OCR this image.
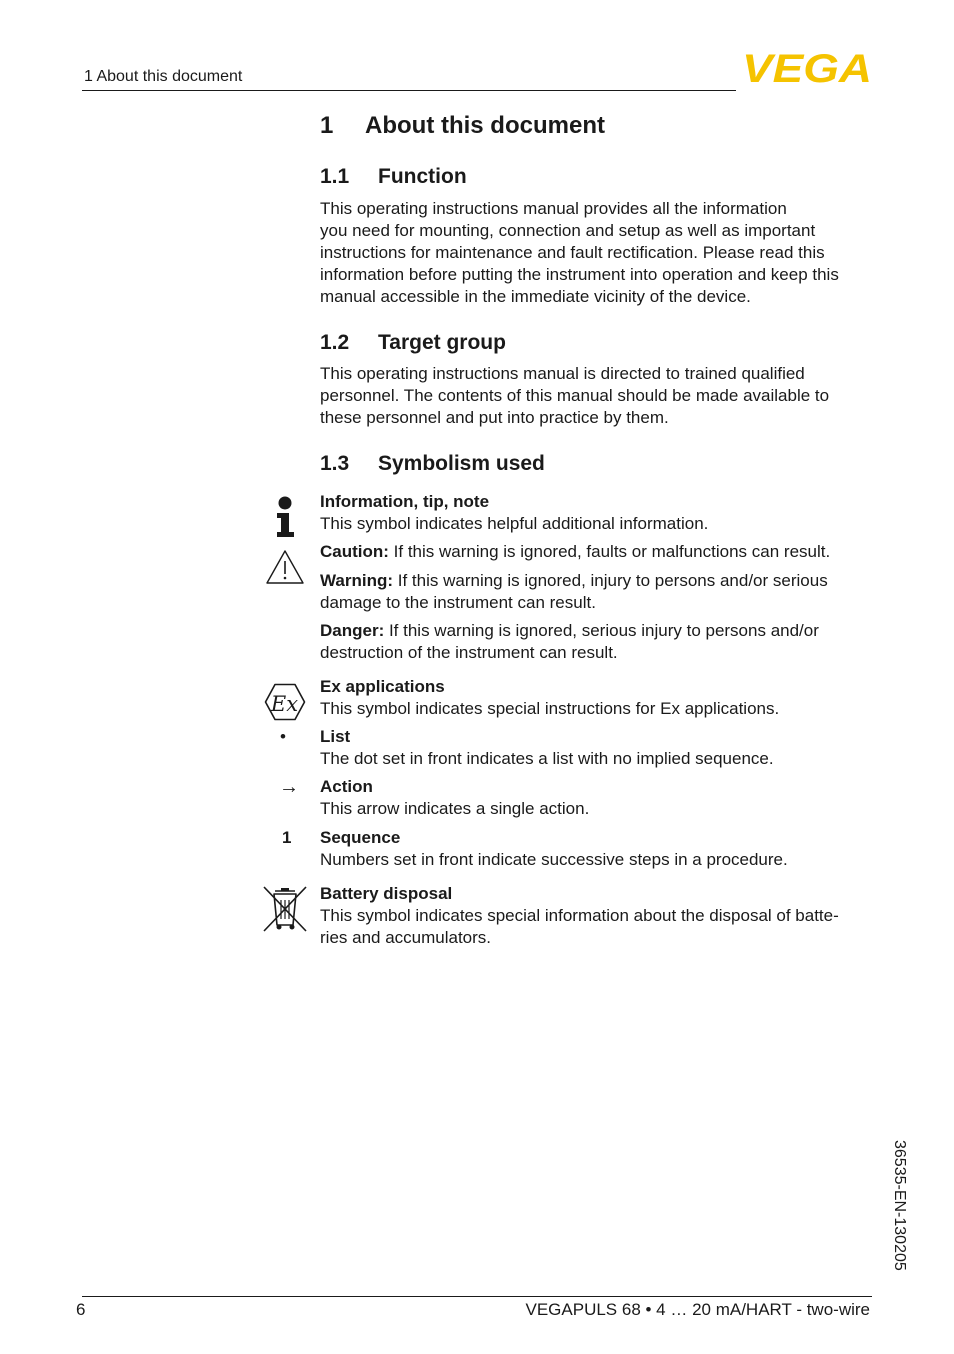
1 About this document	VEGA
1 About this document
1.1 Function
This operating instructions manual provides all the information
you need for mounting, connection and setup as well as important
instructions for maintenance and fault rectification. Please read this
information before putting the instrument into operation and keep this
manual accessible in the immediate vicinity of the device.
1.2 Target group
This operating instructions manual is directed to trained qualified
personnel. The contents of this manual should be made available to
these personnel and put into practice by them.
1.3 Symbolism used
Information, tip, note
This symbol indicates helpful additional information.
Caution: If this warning is ignored, faults or malfunctions can result.
Warning: If this warning is ignored, injury to persons and/or serious
damage to the instrument can result.
Danger: If this warning is ignored, serious injury to persons and/or
destruction of the instrument can result.
Ex
Ex applications
This symbol indicates special instructions for Ex applications.
• List
The dot set in front indicates a list with no implied sequence.
→ Action
This arrow indicates a single action.
1 Sequence
Numbers set in front indicate successive steps in a procedure.
Battery disposal
This symbol indicates special information about the disposal of batte-
ries and accumulators.
36535-EN-130205
6	VEGAPULS 68 • 4 … 20 mA/HART - two-wire
